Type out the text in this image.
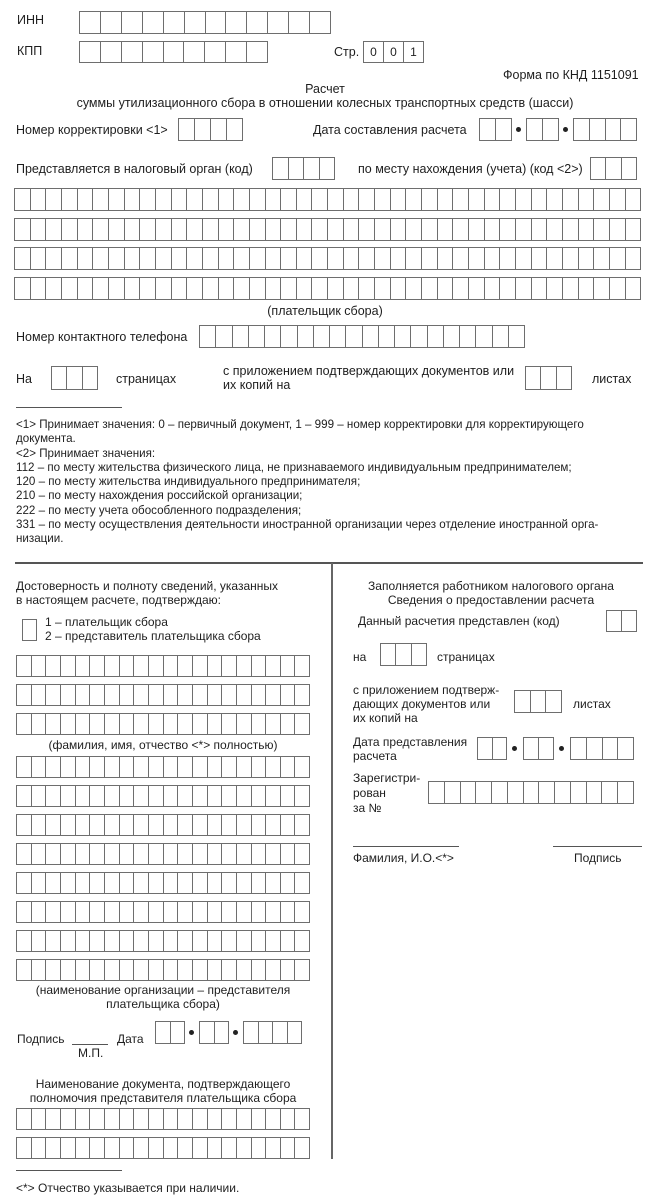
ИНН
КПП	Стр. 0	0	1
Форма по КНД 1151091
Расчет
суммы утилизационного сбора в отношении колесных транспортных средств (шасси)
Номер корректировки <1>	Дата составления расчета
Представляется в налоговый орган (код)	по месту нахождения (учета) (код <2>)
(плательщик сбора)
Номер контактного телефона
На	страницах
с приложением подтверждающих документов или
их копий на	листах
<1> Принимает значения: 0 – первичный документ, 1 – 999 – номер корректировки для корректирующего
документа.
<2> Принимает значения:
112 – по месту жительства физического лица, не признаваемого индивидуальным предпринимателем;
120 – по месту жительства индивидуального предпринимателя;
210 – по месту нахождения российской организации;
222 – по месту учета обособленного подразделения;
331 – по месту осуществления деятельности иностранной организации через отделение иностранной орга-
низации.
Достоверность и полноту сведений, указанных
в настоящем расчете, подтверждаю:
1 – плательщик сбора
2 – представитель плательщика сбора
(фамилия, имя, отчество <*> полностью)
(наименование организации – представителя
плательщика сбора)
Подпись
М.П.
Дата
Наименование документа, подтверждающего
полномочия представителя плательщика сбора
<*> Отчество указывается при наличии.
Заполняется работником налогового органа
Сведения о предоставлении расчета
Данный расчетия представлен (код)
на	страницах
с приложением подтверж-
дающих документов или
их копий на
листах
Дата представления
расчета
Зарегистри-
рован
за №
Фамилия, И.О.<*>	Подпись
